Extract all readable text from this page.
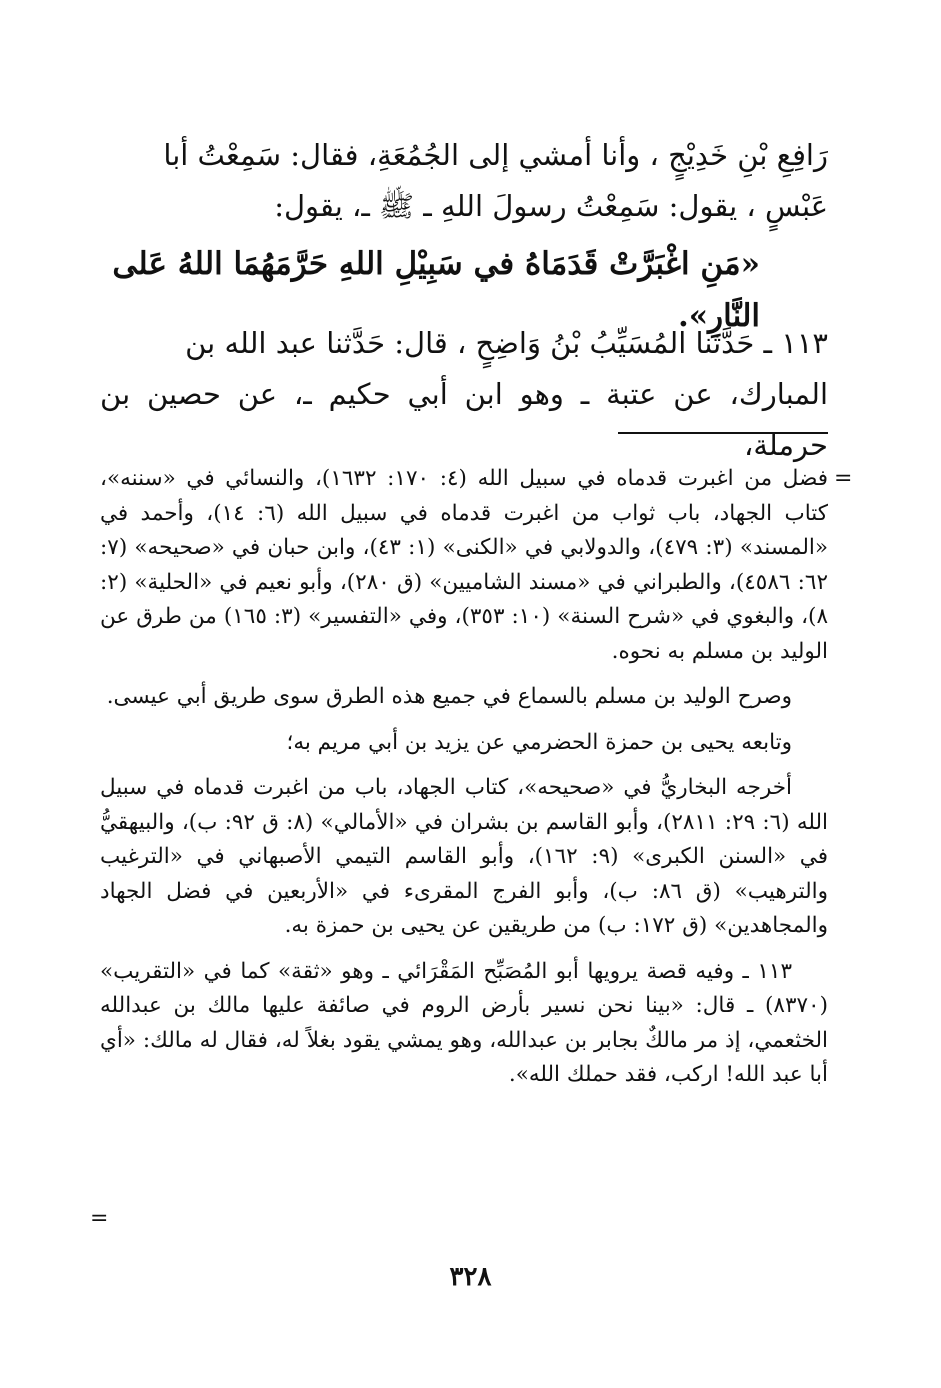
رَافِعِ بْنِ خَدِيْجٍ ، وأنا أمشي إلى الجُمُعَةِ، فقال: سَمِعْتُ أبا

عَبْسٍ ، يقول: سَمِعْتُ رسولَ اللهِ ـ ﷺ ـ، يقول:

«مَنِ اغْبَرَّتْ قَدَمَاهُ في سَبِيْلِ اللهِ حَرَّمَهُمَا اللهُ عَلى النَّارِ».

١١٣ ـ حَدَّثنا المُسَيِّبُ بْنُ وَاضِحٍ ، قال: حَدَّثنا عبد الله بن

المبارك، عن عتبة ـ وهو ابن أبي حكيم ـ، عن حصين بن حرملة،

=

فضل من اغبرت قدماه في سبيل الله (٤: ١٧٠: ١٦٣٢)، والنسائي في «سننه»، كتاب الجهاد، باب ثواب من اغبرت قدماه في سبيل الله (٦: ١٤)، وأحمد في «المسند» (٣: ٤٧٩)، والدولابي في «الكنى» (١: ٤٣)، وابن حبان في «صحيحه» (٧: ٦٢: ٤٥٨٦)، والطبراني في «مسند الشاميين» (ق ٢٨٠)، وأبو نعيم في «الحلية» (٢: ٨)، والبغوي في «شرح السنة» (١٠: ٣٥٣)، وفي «التفسير» (٣: ١٦٥) من طرق عن الوليد بن مسلم به نحوه.

وصرح الوليد بن مسلم بالسماع في جميع هذه الطرق سوى طريق أبي عيسى.

وتابعه يحيى بن حمزة الحضرمي عن يزيد بن أبي مريم به؛

أخرجه البخاريُّ في «صحيحه»، كتاب الجهاد، باب من اغبرت قدماه في سبيل الله (٦: ٢٩: ٢٨١١)، وأبو القاسم بن بشران في «الأمالي» (٨: ق ٩٢: ب)، والبيهقيُّ في «السنن الكبرى» (٩: ١٦٢)، وأبو القاسم التيمي الأصبهاني في «الترغيب والترهيب» (ق ٨٦: ب)، وأبو الفرج المقرىء في «الأربعين في فضل الجهاد والمجاهدين» (ق ١٧٢: ب) من طريقين عن يحيى بن حمزة به.

١١٣ ـ وفيه قصة يرويها أبو المُصَبِّح المَقْرَائي ـ وهو «ثقة» كما في «التقريب» (٨٣٧٠) ـ قال: «بينا نحن نسير بأرض الروم في صائفة عليها مالك بن عبدالله الخثعمي، إذ مر مالكٌ بجابر بن عبدالله، وهو يمشي يقود بغلاً له، فقال له مالك: «أي أبا عبد الله! اركب، فقد حملك الله».

=
٣٢٨
